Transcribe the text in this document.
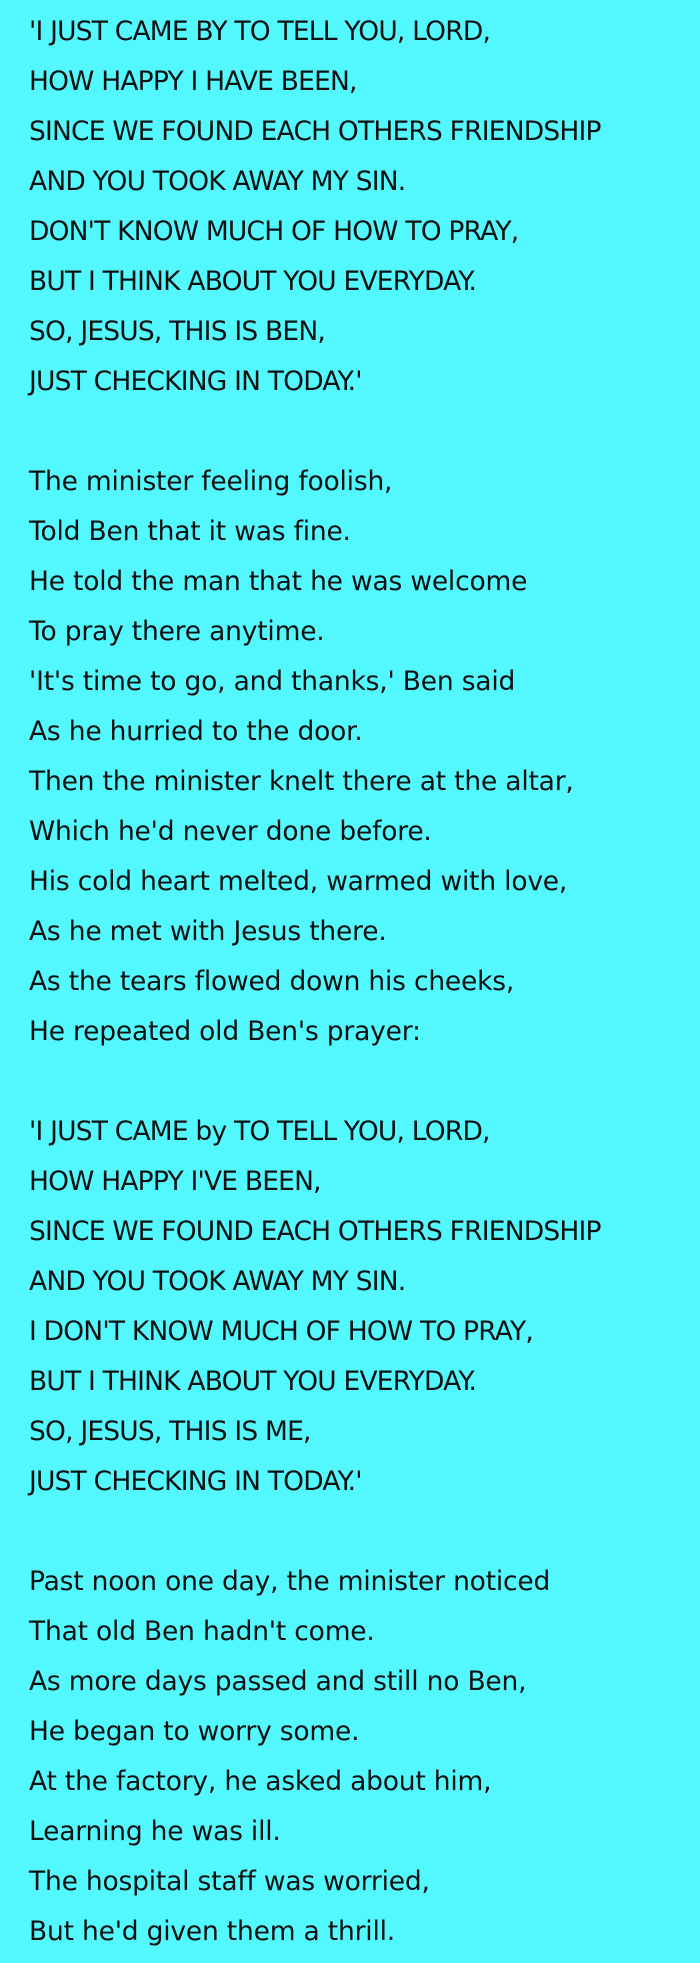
'I JUST CAME BY TO TELL YOU, LORD,
HOW HAPPY I HAVE BEEN,
SINCE WE FOUND EACH OTHERS FRIENDSHIP
AND YOU TOOK AWAY MY SIN.
DON'T KNOW MUCH OF HOW TO PRAY,
BUT I THINK ABOUT YOU EVERYDAY.
SO, JESUS, THIS IS BEN,
JUST CHECKING IN TODAY.'
The minister feeling foolish,
Told Ben that it was fine.
He told the man that he was welcome
To pray there anytime.
'It's time to go, and thanks,' Ben said
As he hurried to the door.
Then the minister knelt there at the altar,
Which he'd never done before.
His cold heart melted, warmed with love,
As he met with Jesus there.
As the tears flowed down his cheeks,
He repeated old Ben's prayer:
'I JUST CAME by TO TELL YOU, LORD,
HOW HAPPY I'VE BEEN,
SINCE WE FOUND EACH OTHERS FRIENDSHIP
AND YOU TOOK AWAY MY SIN.
I DON'T KNOW MUCH OF HOW TO PRAY,
BUT I THINK ABOUT YOU EVERYDAY.
SO, JESUS, THIS IS ME,
JUST CHECKING IN TODAY.'
Past noon one day, the minister noticed
That old Ben hadn't come.
As more days passed and still no Ben,
He began to worry some.
At the factory, he asked about him,
Learning he was ill.
The hospital staff was worried,
But he'd given them a thrill.
